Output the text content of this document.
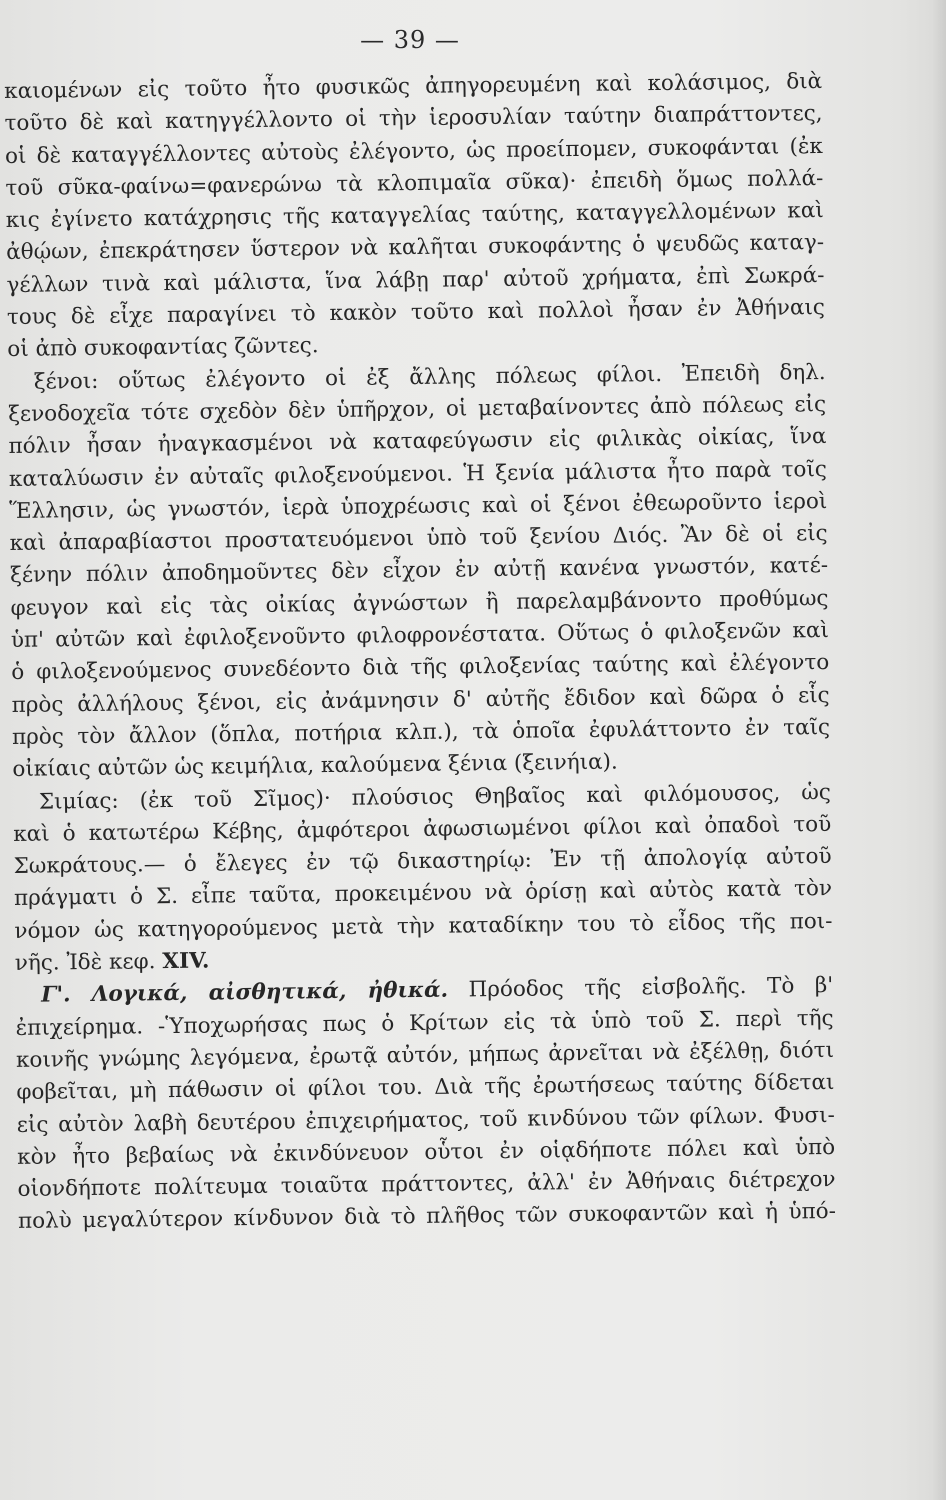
— 39 —
καιομένων εἰς τοῦτο ἦτο φυσικῶς ἀπηγορευμένη καὶ κολάσιμος, διὰ
τοῦτο δὲ καὶ κατηγγέλλοντο οἱ τὴν ἱεροσυλίαν ταύτην διαπράττοντες,
οἱ δὲ καταγγέλλοντες αὐτοὺς ἐλέγοντο, ὡς προείπομεν, συκοφάνται (ἐκ
τοῦ σῦκα-φαίνω=φανερώνω τὰ κλοπιμαῖα σῦκα)· ἐπειδὴ ὅμως πολλά-
κις ἐγίνετο κατάχρησις τῆς καταγγελίας ταύτης, καταγγελλομένων καὶ
ἀθῴων, ἐπεκράτησεν ὕστερον νὰ καλῆται συκοφάντης ὁ ψευδῶς καταγ-
γέλλων τινὰ καὶ μάλιστα, ἵνα λάβῃ παρ' αὐτοῦ χρήματα, ἐπὶ Σωκρά-
τους δὲ εἶχε παραγίνει τὸ κακὸν τοῦτο καὶ πολλοὶ ἦσαν ἐν Ἀθήναις
οἱ ἀπὸ συκοφαντίας ζῶντες.
ξένοι: οὕτως ἐλέγοντο οἱ ἐξ ἄλλης πόλεως φίλοι. Ἐπειδὴ δηλ.
ξενοδοχεῖα τότε σχεδὸν δὲν ὑπῆρχον, οἱ μεταβαίνοντες ἀπὸ πόλεως εἰς
πόλιν ἦσαν ἠναγκασμένοι νὰ καταφεύγωσιν εἰς φιλικὰς οἰκίας, ἵνα
καταλύωσιν ἐν αὐταῖς φιλοξενούμενοι. Ἡ ξενία μάλιστα ἦτο παρὰ τοῖς
Ἕλλησιν, ὡς γνωστόν, ἱερὰ ὑποχρέωσις καὶ οἱ ξένοι ἐθεωροῦντο ἱεροὶ
καὶ ἀπαραβίαστοι προστατευόμενοι ὑπὸ τοῦ ξενίου Διός. Ἂν δὲ οἱ εἰς
ξένην πόλιν ἀποδημοῦντες δὲν εἶχον ἐν αὐτῇ κανένα γνωστόν, κατέ-
φευγον καὶ εἰς τὰς οἰκίας ἀγνώστων ἢ παρελαμβάνοντο προθύμως
ὑπ' αὐτῶν καὶ ἐφιλοξενοῦντο φιλοφρονέστατα. Οὕτως ὁ φιλοξενῶν καὶ
ὁ φιλοξενούμενος συνεδέοντο διὰ τῆς φιλοξενίας ταύτης καὶ ἐλέγοντο
πρὸς ἀλλήλους ξένοι, εἰς ἀνάμνησιν δ' αὐτῆς ἔδιδον καὶ δῶρα ὁ εἷς
πρὸς τὸν ἄλλον (ὅπλα, ποτήρια κλπ.), τὰ ὁποῖα ἐφυλάττοντο ἐν ταῖς
οἰκίαις αὐτῶν ὡς κειμήλια, καλούμενα ξένια (ξεινήια).
Σιμίας: (ἐκ τοῦ Σῖμος)· πλούσιος Θηβαῖος καὶ φιλόμουσος, ὡς
καὶ ὁ κατωτέρω Κέβης, ἀμφότεροι ἀφωσιωμένοι φίλοι καὶ ὀπαδοὶ τοῦ
Σωκράτους.— ὁ ἔλεγες ἐν τῷ δικαστηρίῳ: Ἐν τῇ ἀπολογίᾳ αὐτοῦ
πράγματι ὁ Σ. εἶπε ταῦτα, προκειμένου νὰ ὁρίσῃ καὶ αὐτὸς κατὰ τὸν
νόμον ὡς κατηγορούμενος μετὰ τὴν καταδίκην του τὸ εἶδος τῆς ποι-
νῆς. Ἰδὲ κεφ. XIV.
Γ'. Λογικά, αἰσθητικά, ἠθικά. Πρόοδος τῆς εἰσβολῆς. Τὸ β'
ἐπιχείρημα. -Ὑποχωρήσας πως ὁ Κρίτων εἰς τὰ ὑπὸ τοῦ Σ. περὶ τῆς
κοινῆς γνώμης λεγόμενα, ἐρωτᾷ αὐτόν, μήπως ἀρνεῖται νὰ ἐξέλθῃ, διότι
φοβεῖται, μὴ πάθωσιν οἱ φίλοι του. Διὰ τῆς ἐρωτήσεως ταύτης δίδεται
εἰς αὐτὸν λαβὴ δευτέρου ἐπιχειρήματος, τοῦ κινδύνου τῶν φίλων. Φυσι-
κὸν ἦτο βεβαίως νὰ ἐκινδύνευον οὗτοι ἐν οἱᾳδήποτε πόλει καὶ ὑπὸ
οἱονδήποτε πολίτευμα τοιαῦτα πράττοντες, ἀλλ' ἐν Ἀθήναις διέτρεχον
πολὺ μεγαλύτερον κίνδυνον διὰ τὸ πλῆθος τῶν συκοφαντῶν καὶ ἡ ὑπό-
